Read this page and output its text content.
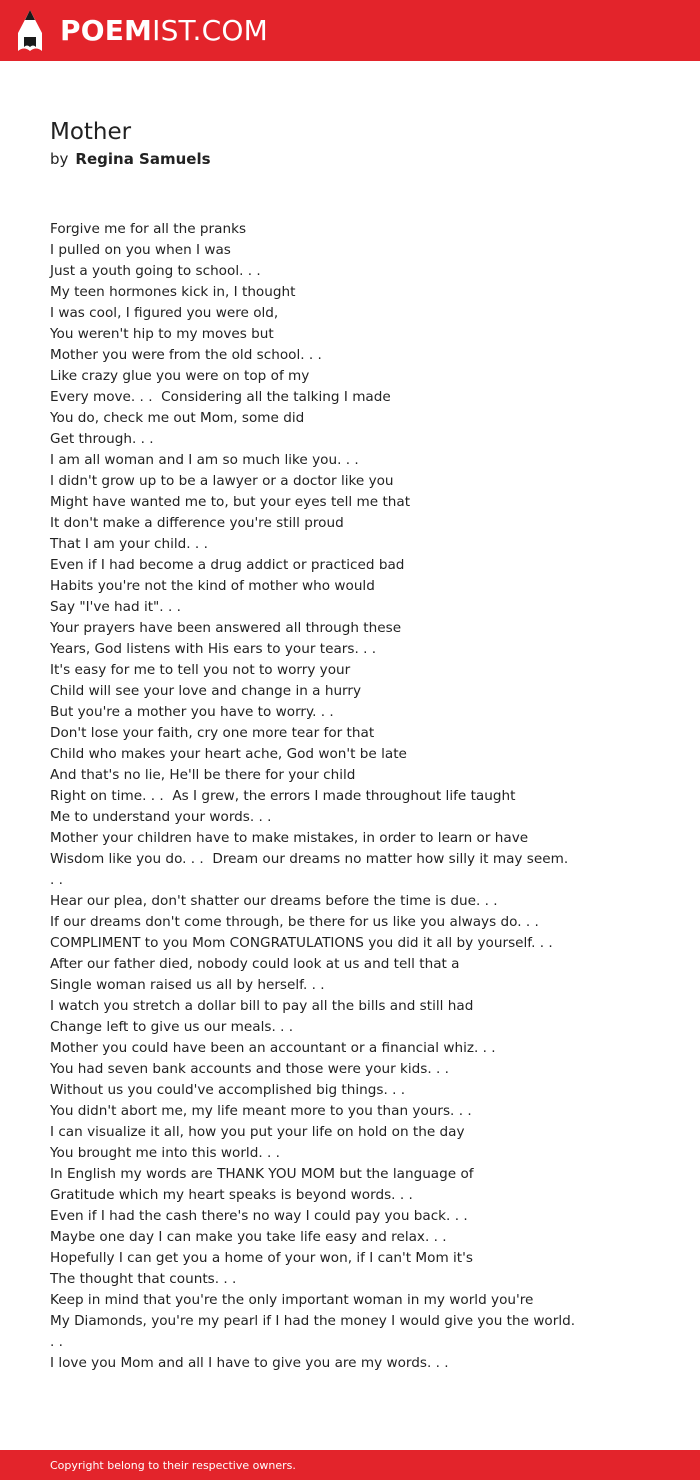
POEMIST.COM
Mother
by Regina Samuels
Forgive me for all the pranks
I pulled on you when I was
Just a youth going to school. . .
My teen hormones kick in, I thought
I was cool, I figured you were old,
You weren't hip to my moves but
Mother you were from the old school. . .
Like crazy glue you were on top of my
Every move. . .  Considering all the talking I made
You do, check me out Mom, some did
Get through. . .
I am all woman and I am so much like you. . .
I didn't grow up to be a lawyer or a doctor like you
Might have wanted me to, but your eyes tell me that
It don't make a difference you're still proud
That I am your child. . .
Even if I had become a drug addict or practiced bad
Habits you're not the kind of mother who would
Say "I've had it". . .
Your prayers have been answered all through these
Years, God listens with His ears to your tears. . .
It's easy for me to tell you not to worry your
Child will see your love and change in a hurry
But you're a mother you have to worry. . .
Don't lose your faith, cry one more tear for that
Child who makes your heart ache, God won't be late
And that's no lie, He'll be there for your child
Right on time. . .  As I grew, the errors I made throughout life taught
Me to understand your words. . .
Mother your children have to make mistakes, in order to learn or have
Wisdom like you do. . .  Dream our dreams no matter how silly it may seem.
. .
Hear our plea, don't shatter our dreams before the time is due. . .
If our dreams don't come through, be there for us like you always do. . .
COMPLIMENT to you Mom CONGRATULATIONS you did it all by yourself. . .
After our father died, nobody could look at us and tell that a
Single woman raised us all by herself. . .
I watch you stretch a dollar bill to pay all the bills and still had
Change left to give us our meals. . .
Mother you could have been an accountant or a financial whiz. . .
You had seven bank accounts and those were your kids. . .
Without us you could've accomplished big things. . .
You didn't abort me, my life meant more to you than yours. . .
I can visualize it all, how you put your life on hold on the day
You brought me into this world. . .
In English my words are THANK YOU MOM but the language of
Gratitude which my heart speaks is beyond words. . .
Even if I had the cash there's no way I could pay you back. . .
Maybe one day I can make you take life easy and relax. . .
Hopefully I can get you a home of your won, if I can't Mom it's
The thought that counts. . .
Keep in mind that you're the only important woman in my world you're
My Diamonds, you're my pearl if I had the money I would give you the world.
. .
I love you Mom and all I have to give you are my words. . .
Copyright belong to their respective owners.
